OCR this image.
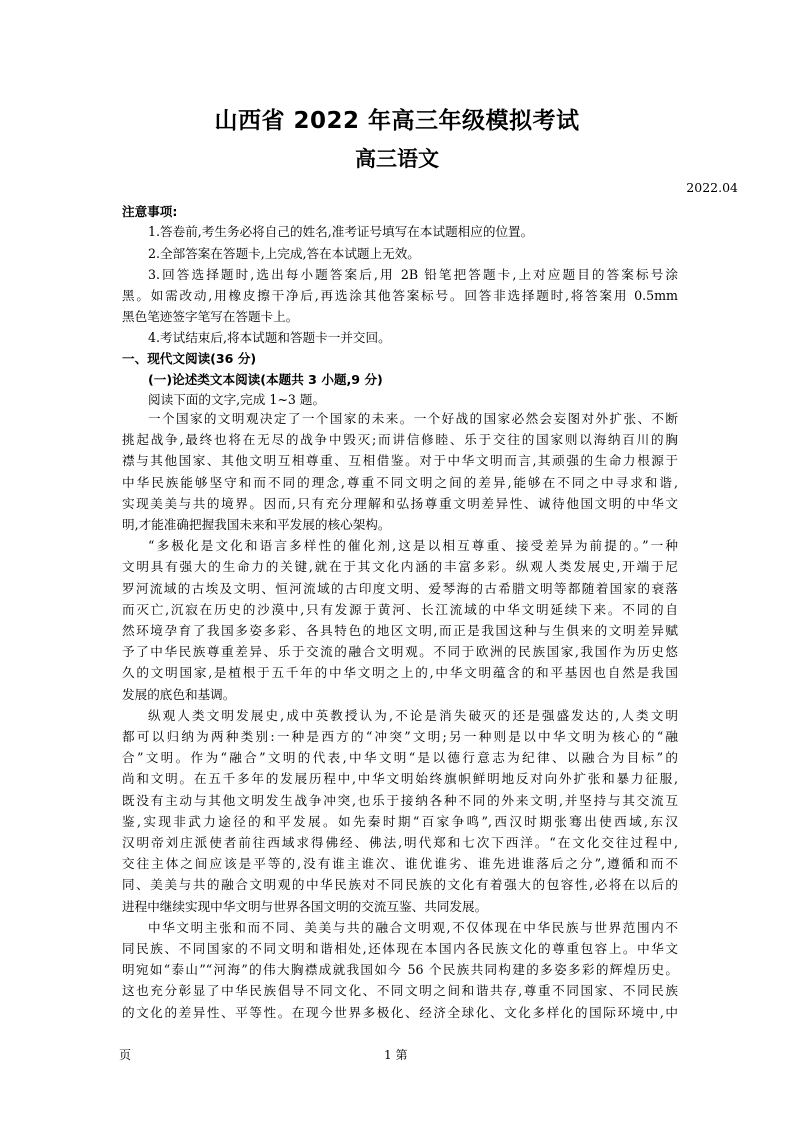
山西省 2022 年高三年级模拟考试
高三语文
2022.04
注意事项:
1.答卷前,考生务必将自己的姓名,准考证号填写在本试题相应的位置。
2.全部答案在答题卡,上完成,答在本试题上无效。
3.回答选择题时,选出每小题答案后,用 2B 铅笔把答题卡,上对应题目的答案标号涂
黑。如需改动,用橡皮擦干净后,再选涂其他答案标号。回答非选择题时,将答案用 0.5mm
黑色笔迹签字笔写在答题卡上。
4.考试结束后,将本试题和答题卡一并交回。
一、现代文阅读(36 分)
(一)论述类文本阅读(本题共 3 小题,9 分)
阅读下面的文字,完成 1~3 题。
一个国家的文明观决定了一个国家的未来。一个好战的国家必然会妄图对外扩张、不断
挑起战争,最终也将在无尽的战争中毁灭;而讲信修睦、乐于交往的国家则以海纳百川的胸
襟与其他国家、其他文明互相尊重、互相借鉴。对于中华文明而言,其顽强的生命力根源于
中华民族能够坚守和而不同的理念,尊重不同文明之间的差异,能够在不同之中寻求和谐,
实现美美与共的境界。因而,只有充分理解和弘扬尊重文明差异性、诚待他国文明的中华文
明,才能准确把握我国未来和平发展的核心架构。
“多极化是文化和语言多样性的催化剂,这是以相互尊重、接受差异为前提的。”一种
文明具有强大的生命力的关键,就在于其文化内涵的丰富多彩。纵观人类发展史,开端于尼
罗河流域的古埃及文明、恒河流域的古印度文明、爱琴海的古希腊文明等都随着国家的衰落
而灭亡,沉寂在历史的沙漠中,只有发源于黄河、长江流域的中华文明延续下来。不同的自
然环境孕育了我国多姿多彩、各具特色的地区文明,而正是我国这种与生俱来的文明差异赋
予了中华民族尊重差异、乐于交流的融合文明观。不同于欧洲的民族国家,我国作为历史悠
久的文明国家,是植根于五千年的中华文明之上的,中华文明蕴含的和平基因也自然是我国
发展的底色和基调。
纵观人类文明发展史,成中英教授认为,不论是消失破灭的还是强盛发达的,人类文明
都可以归纳为两种类别:一种是西方的“冲突”文明;另一种则是以中华文明为核心的“融
合”文明。作为“融合”文明的代表,中华文明“是以德行意志为纪律、以融合为目标”的
尚和文明。在五千多年的发展历程中,中华文明始终旗帜鲜明地反对向外扩张和暴力征服,
既没有主动与其他文明发生战争冲突,也乐于接纳各种不同的外来文明,并坚持与其交流互
鉴,实现非武力途径的和平发展。如先秦时期“百家争鸣”,西汉时期张骞出使西域,东汉
汉明帝刘庄派使者前往西域求得佛经、佛法,明代郑和七次下西洋。“在文化交往过程中,
交往主体之间应该是平等的,没有谁主谁次、谁优谁劣、谁先进谁落后之分”,遵循和而不
同、美美与共的融合文明观的中华民族对不同民族的文化有着强大的包容性,必将在以后的
进程中继续实现中华文明与世界各国文明的交流互鉴、共同发展。
中华文明主张和而不同、美美与共的融合文明观,不仅体现在中华民族与世界范围内不
同民族、不同国家的不同文明和谐相处,还体现在本国内各民族文化的尊重包容上。中华文
明宛如“泰山”“河海”的伟大胸襟成就我国如今 56 个民族共同构建的多姿多彩的辉煌历史。
这也充分彰显了中华民族倡导不同文化、不同文明之间和谐共存,尊重不同国家、不同民族
的文化的差异性、平等性。在现今世界多极化、经济全球化、文化多样化的国际环境中,中
页	1 第
